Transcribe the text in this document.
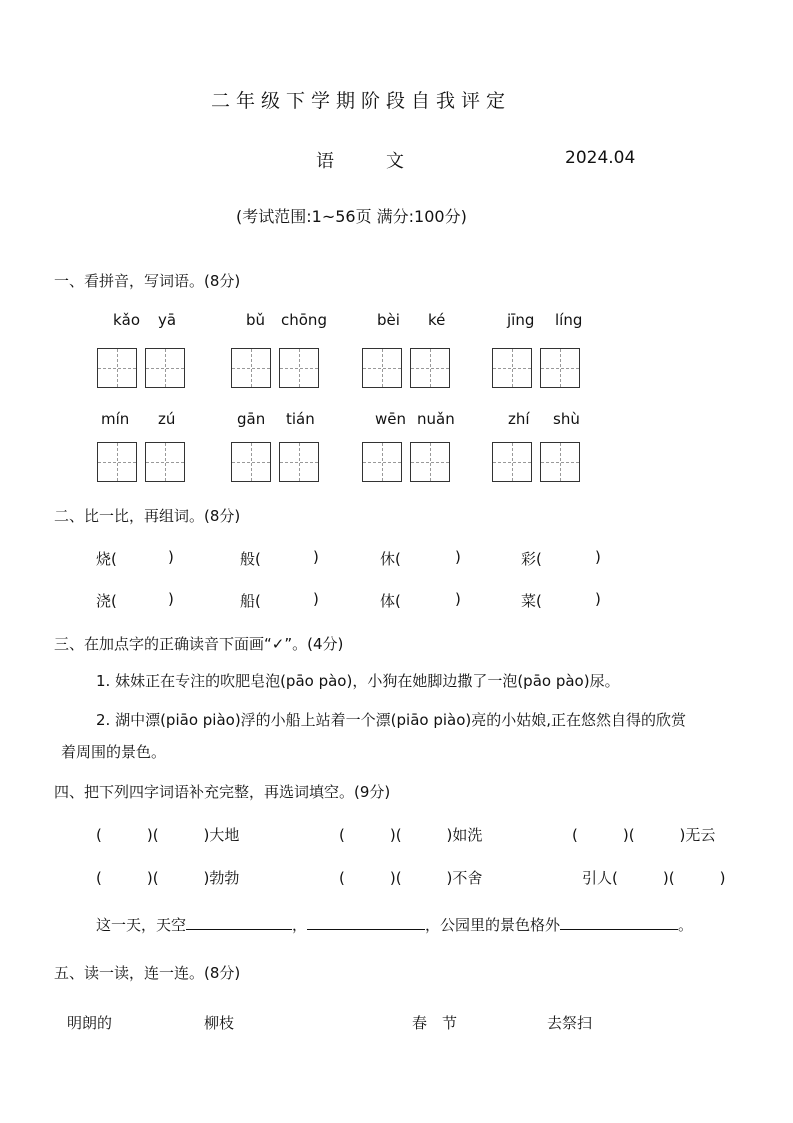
二年级下学期阶段自我评定
语	文	2024.04
(考试范围:1~56页 满分:100分)
一、看拼音，写词语。(8分)
kǎo yā	bǔ chōng	bèi ké	jīng líng
mín zú	gān tián	wēn nuǎn	zhí shù
二、比一比，再组词。(8分)
烧(	)	般(	)	休(	)	彩(	)
浇(	)	船(	)	体(	)	菜(	)
三、在加点字的正确读音下面画“✓”。(4分)
1. 妹妹正在专注的吹肥皂泡(pāo pào)，小狗在她脚边撒了一泡(pāo pào)尿。
2. 湖中漂(piāo piào)浮的小船上站着一个漂(piāo piào)亮的小姑娘,正在悠然自得的欣赏
着周围的景色。
四、把下列四字词语补充完整，再选词填空。(9分)
(　　　)(　　　)大地	(　　　)(　　　)如洗	(　　　)(　　　)无云
(　　　)(　　　)勃勃	(　　　)(　　　)不舍	引人(　　　)(　　　)
这一天，天空	，	，公园里的景色格外	。
五、读一读，连一连。(8分)
明朗的	柳枝	春　节	去祭扫
